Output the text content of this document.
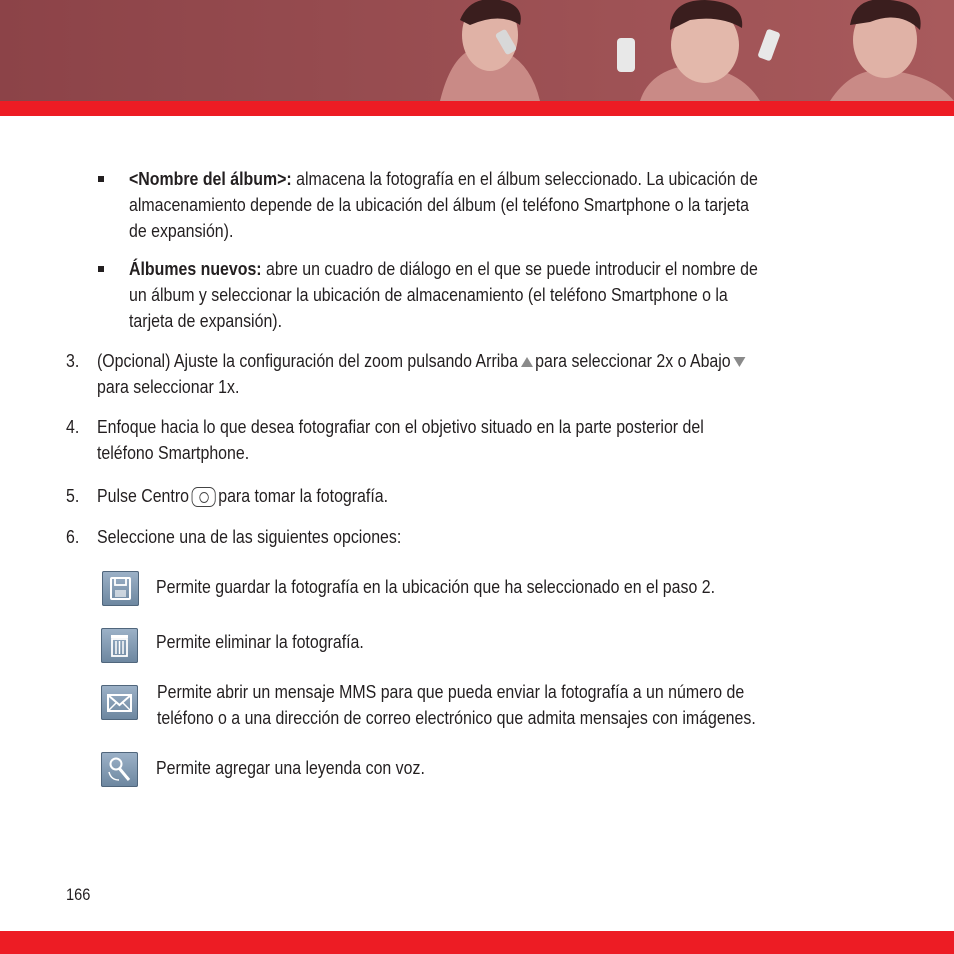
<Nombre del álbum>: almacena la fotografía en el álbum seleccionado. La ubicación de
almacenamiento depende de la ubicación del álbum (el teléfono Smartphone o la tarjeta
de expansión).
Álbumes nuevos: abre un cuadro de diálogo en el que se puede introducir el nombre de
un álbum y seleccionar la ubicación de almacenamiento (el teléfono Smartphone o la
tarjeta de expansión).
3. (Opcional) Ajuste la configuración del zoom pulsando Arriba para seleccionar 2x o Abajo
para seleccionar 1x.
4. Enfoque hacia lo que desea fotografiar con el objetivo situado en la parte posterior del
teléfono Smartphone.
5. Pulse Centro para tomar la fotografía.
6. Seleccione una de las siguientes opciones:
Permite guardar la fotografía en la ubicación que ha seleccionado en el paso 2.
Permite eliminar la fotografía.
Permite abrir un mensaje MMS para que pueda enviar la fotografía a un número de
teléfono o a una dirección de correo electrónico que admita mensajes con imágenes.
Permite agregar una leyenda con voz.
166
